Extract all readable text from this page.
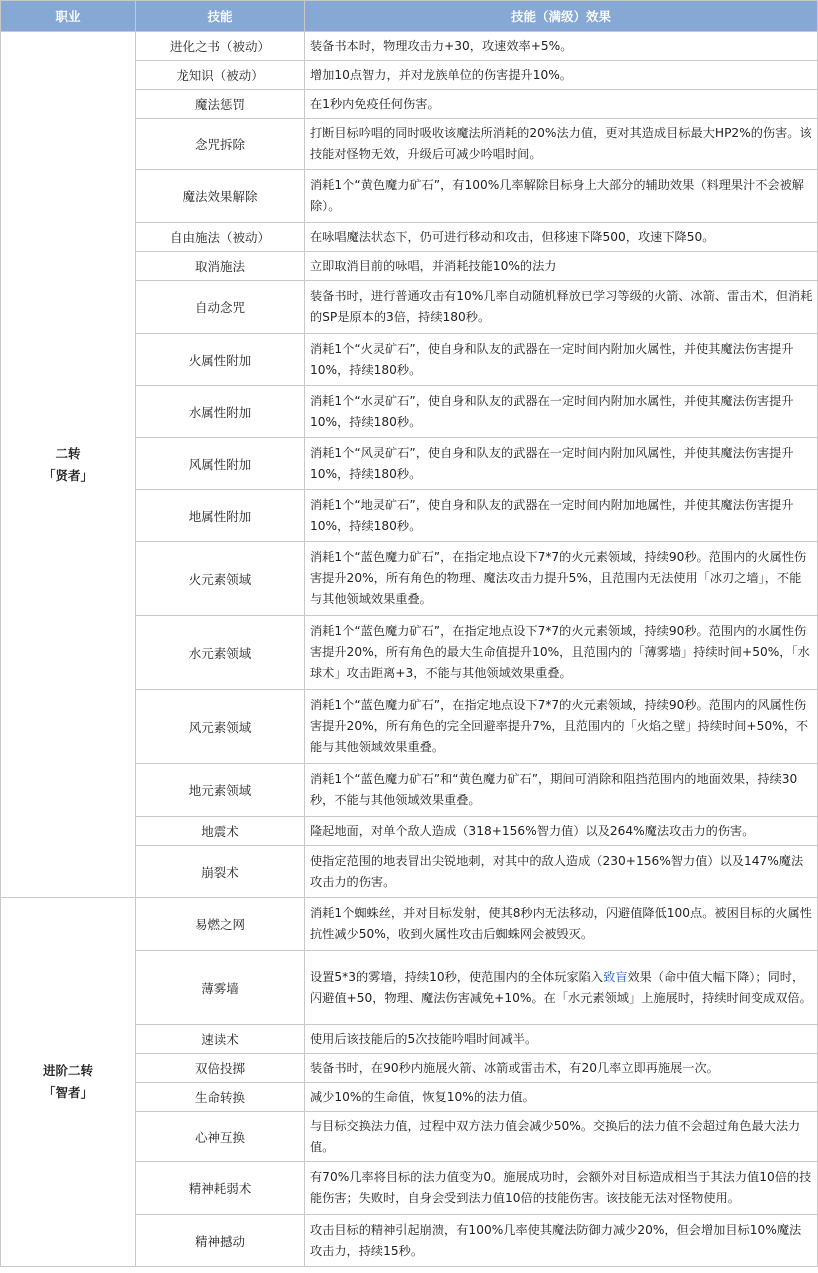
职业	技能	技能（满级）效果

二转
「贤者」	进化之书（被动）	装备书本时，物理攻击力+30，攻速效率+5%。
	龙知识（被动）	增加10点智力，并对龙族单位的伤害提升10%。
	魔法惩罚	在1秒内免疫任何伤害。
	念咒拆除	打断目标吟唱的同时吸收该魔法所消耗的20%法力值，更对其造成目标最大HP2%的伤害。该技能对怪物无效，升级后可减少吟唱时间。
	魔法效果解除	消耗1个“黄色魔力矿石”，有100%几率解除目标身上大部分的辅助效果（料理果汁不会被解除）。
	自由施法（被动）	在咏唱魔法状态下，仍可进行移动和攻击，但移速下降500，攻速下降50。
	取消施法	立即取消目前的咏唱，并消耗技能10%的法力
	自动念咒	装备书时，进行普通攻击有10%几率自动随机释放已学习等级的火箭、冰箭、雷击术，但消耗的SP是原本的3倍，持续180秒。
	火属性附加	消耗1个“火灵矿石”，使自身和队友的武器在一定时间内附加火属性，并使其魔法伤害提升10%，持续180秒。
	水属性附加	消耗1个“水灵矿石”，使自身和队友的武器在一定时间内附加水属性，并使其魔法伤害提升10%，持续180秒。
	风属性附加	消耗1个“风灵矿石”，使自身和队友的武器在一定时间内附加风属性，并使其魔法伤害提升10%，持续180秒。
	地属性附加	消耗1个“地灵矿石”，使自身和队友的武器在一定时间内附加地属性，并使其魔法伤害提升10%，持续180秒。
	火元素领域	消耗1个“蓝色魔力矿石”，在指定地点设下7*7的火元素领域，持续90秒。范围内的火属性伤害提升20%，所有角色的物理、魔法攻击力提升5%，且范围内无法使用「冰刃之墙」，不能与其他领域效果重叠。
	水元素领域	消耗1个“蓝色魔力矿石”，在指定地点设下7*7的火元素领域，持续90秒。范围内的水属性伤害提升20%，所有角色的最大生命值提升10%，且范围内的「薄雾墙」持续时间+50%，「水球术」攻击距离+3，不能与其他领域效果重叠。
	风元素领域	消耗1个“蓝色魔力矿石”，在指定地点设下7*7的火元素领域，持续90秒。范围内的风属性伤害提升20%，所有角色的完全回避率提升7%，且范围内的「火焰之壁」持续时间+50%，不能与其他领域效果重叠。
	地元素领域	消耗1个“蓝色魔力矿石”和“黄色魔力矿石”，期间可消除和阻挡范围内的地面效果，持续30秒，不能与其他领域效果重叠。
	地震术	隆起地面，对单个敌人造成（318+156%智力值）以及264%魔法攻击力的伤害。
	崩裂术	使指定范围的地表冒出尖锐地刺，对其中的敌人造成（230+156%智力值）以及147%魔法攻击力的伤害。

进阶二转
「智者」	易燃之网	消耗1个蜘蛛丝，并对目标发射，使其8秒内无法移动，闪避值降低100点。被困目标的火属性抗性减少50%，收到火属性攻击后蜘蛛网会被毁灭。
	薄雾墙	设置5*3的雾墙，持续10秒，使范围内的全体玩家陷入致盲效果（命中值大幅下降）；同时，闪避值+50，物理、魔法伤害减免+10%。在「水元素领域」上施展时，持续时间变成双倍。
	速读术	使用后该技能后的5次技能吟唱时间减半。
	双倍投掷	装备书时，在90秒内施展火箭、冰箭或雷击术，有20几率立即再施展一次。
	生命转换	减少10%的生命值，恢复10%的法力值。
	心神互换	与目标交换法力值，过程中双方法力值会减少50%。交换后的法力值不会超过角色最大法力值。
	精神耗弱术	有70%几率将目标的法力值变为0。施展成功时，会额外对目标造成相当于其法力值10倍的技能伤害；失败时，自身会受到法力值10倍的技能伤害。该技能无法对怪物使用。
	精神撼动	攻击目标的精神引起崩溃，有100%几率使其魔法防御力减少20%，但会增加目标10%魔法攻击力，持续15秒。
